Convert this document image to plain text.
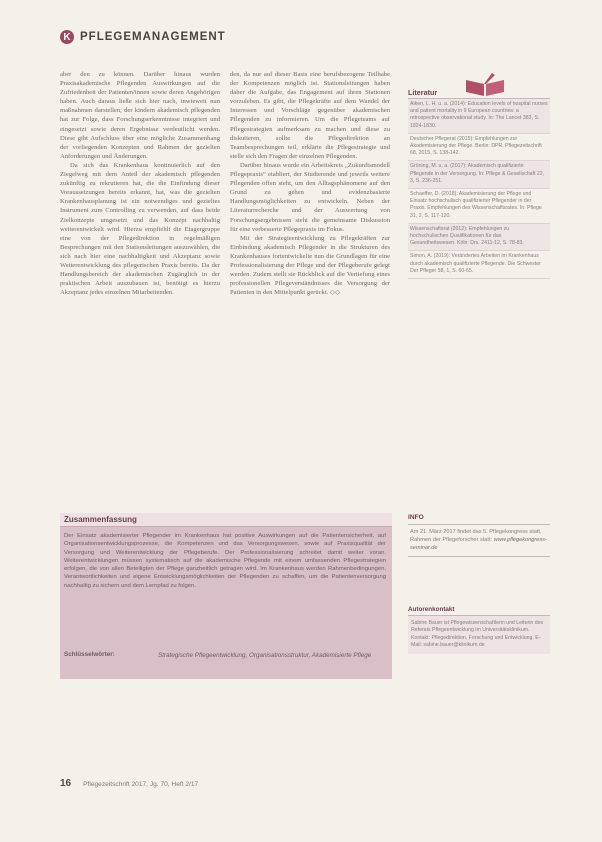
K PFLEGEMANAGEMENT

aber den zu können. Darüber hinaus wurden Praxisakademische Pflegenden Auswirkungen auf die Zufriedenheit der Patienten/innen sowie deren Angehörigen haben. Auch daraus ließe sich hier nach, inwieweit nun maßnahmen darstellen, der kindern akademisch pflegenden hat zur Folge, dass Forschungserkenntnisse integriert und eingesetzt sowie deren Ergebnisse verdeutlicht werden. Diese gibt Aufschluss über eine mögliche Zusammenhang der vorliegenden Konzepten und Rahmen der gezielten Anforderungen und Änderungen.

Da sich das Krankenhaus kontinuierlich auf den Ziegelweg mit dem Anteil der akademisch pflegenden zukünftig zu rekrutieren hat, die die Einfindung dieser Voraussetzungen bereits erkannt, hat, was die gezielten Krankenhausplanung ist ein notwendiges und gezieltes Instrument zum Controlling zu verwenden, auf dass beide Zielkonzepte umgesetzt und das Konzept nachhaltig weiterentwickelt wird. Hierzu empfiehlt die Etagergruppe eine von der Pflegedirektion in regelmäßigen Besprechungen mit den Stationsleitungen auszuwählen, die sich nach hier eine nachhaltigkeit und Akzeptanz sowie Weiterentwicklung des pflegerischen Praxis bereits. Da der Handlungsbereich der akademischen Zugänglich in der praktischen Arbeit auszubauen ist, benötigt es hierzu Akzeptanz jedes einzelnen Mitarbeitenden.

den, da nur auf dieser Basis eine berufsbezogene Teilhabe der Kompetenzen möglich ist. Stationsleitungen haben daher die Aufgabe, das Engagement auf ihren Stationen vorzuleben. Es gibt, die Pflegekräfte auf dem Wandel der Interessen und Vorschläge gegenüber akademischen Pflegenden zu informieren. Um die Pflegeteams auf Pflegestrategien aufmerksam zu machen und diese zu diskutieren, sollte die Pflegedirektion an Teambesprechungen teil, erklärte die Pflegestrategie und stelle sich den Fragen der einzelnen Pflegenden.

Darüber hinaus wurde ein Arbeitskreis „Zukunftsmodell Pflegepraxis“ etabliert, der Studierende und jeweils weitere Pflegenden offen steht, um den Alltagsphänomene auf den Grund zu gehen und evidenzbasierte Handlungsmöglichkeiten zu entwickeln. Neben der Literaturrecherche und der Auswertung von Forschungsergebnissen steht die gemeinsame Diskussion für eine verbesserte Pflegepraxis im Fokus.

Mit der Strategieentwicklung zu Pflegekräften zur Einbindung akademisch Pflegender in die Strukturen des Krankenhauses fortentwickelte nun die Grundlagen für eine Professionalisierung der Pflege und der Pflegeberufe gelegt werden. Zudem stellt sie Rückblick auf die Vertiefung eines professionellen Pflegeverständnisses die Versorgung der Patienten in den Mittelpunkt gerückt. ◇◇

Literatur
Aiken, L. H. u. a. (2014): Education levels of hospital nurses and patient mortality in 9 European countries: a retrospective observational study. In: The Lancet 383, S. 1824-1830.
Deutscher Pflegerat (2015): Empfehlungen zur Akademisierung der Pflege. Berlin: DPR. Pflegezeitschrift 68, 2015, S. 138-142.
Gröning, M. u. a. (2017): Akademisch qualifizierte Pflegende in der Versorgung. In: Pflege & Gesellschaft 22, 3, S. 236-251.
Schaeffer, D. (2018): Akademisierung der Pflege und Einsatz hochschulisch qualifizierter Pflegender in der Praxis. Empfehlungen des Wissenschaftsrates. In: Pflege 31, 2, S. 117-120.
Wissenschaftsrat (2012): Empfehlungen zu hochschulischen Qualifikationen für das Gesundheitswesen. Köln: Drs. 2411-12, S. 78-83.
Simon, A. (2019): Verändertes Arbeiten im Krankenhaus durch akademisch qualifizierte Pflegende. Die Schwester Der Pfleger 58, 1, S. 60-65.
Zusammenfassung
Der Einsatz akademisierter Pflegender im Krankenhaus hat positive Auswirkungen auf die Patientensicherheit, auf Organisationsentwicklungsprozesse, die Kompetenzen und das Versorgungswesen, sowie auf Praxisqualität der Versorgung und Weiterentwicklung der Pflegeberufe. Der Professionalisierung schreitet damit weiter voran. Weiterentwicklungen müssen systematisch auf die akademische Pflegende mit einem umfassenden Pflegestrategien erfolgen, die von allen Beteiligten der Pflege ganzheitlich getragen wird. Im Krankenhaus werden Rahmenbedingungen, Verantwortlichkeiten und eigene Entwicklungsmöglichkeiten der Pflegenden zu schaffen, um die Patientenversorgung nachhaltig zu sichern und dem Lernpfad zu folgen.
Schlüsselwörter:	Strategische Pflegeentwicklung, Organisationsstruktur, Akademisierte Pflege
INFO
Am 21. März 2017 findet das 5. Pflegekongress statt, Rahmen der Pflegeforscher statt: www.pflegekongress-seminar.de
Autorenkontakt
Sabine Bauer ist Pflegewissenschaftlerin und Leiterin des Referats Pflegeentwicklung im Universitätsklinikum. Kontakt: Pflegedirektion, Forschung und Entwicklung. E-Mail: sabine.bauer@klinikum.de
16 Pflegezeitschrift 2017, Jg. 70, Heft 2/17
